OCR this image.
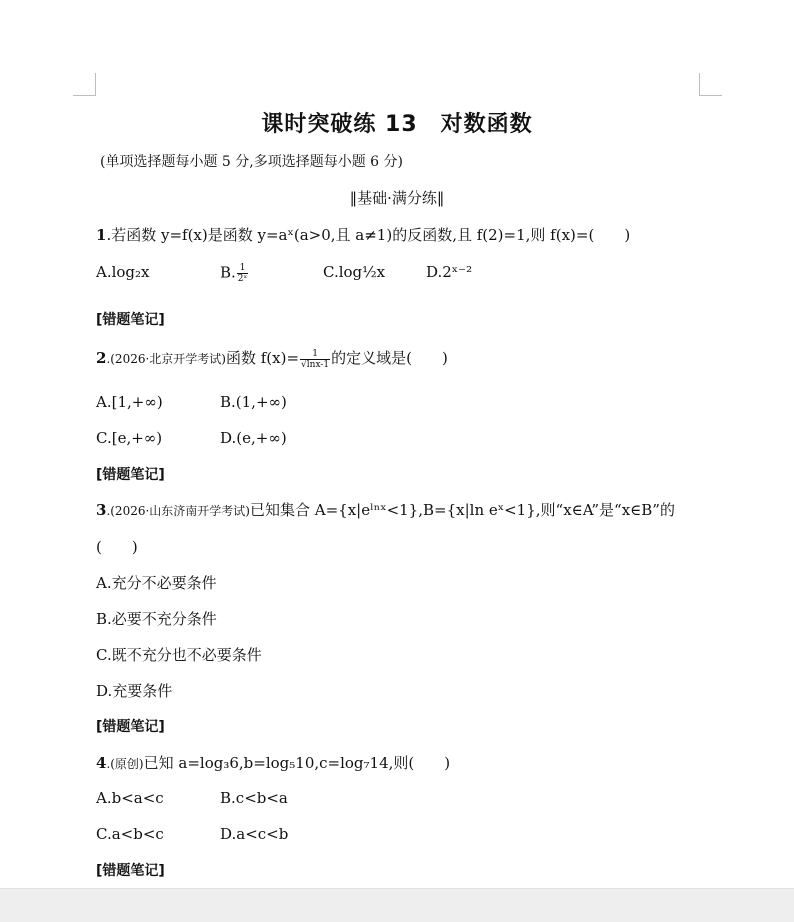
课时突破练 13　对数函数
(单项选择题每小题 5 分,多项选择题每小题 6 分)
‖基础·满分练‖
1.若函数 y=f(x)是函数 y=aˣ(a>0,且 a≠1)的反函数,且 f(2)=1,则 f(x)=(　　)
A.log₂x	B. $\frac{1}{\text{2ˣ}}$	C.log½x	D.2ˣ⁻²
[错题笔记]
2.(2026·北京开学考试)函数 $f(x)= \frac{1}{√\ln x-1}$ 的定义域是(　　)
A.[1,+∞)	B.(1,+∞)
C.[e,+∞)	D.(e,+∞)
[错题笔记]
3.(2026·山东济南开学考试)已知集合 A={x|eˡⁿˣ<1},B={x|ln eˣ<1},则“x∈A”是“x∈B”的
(　　)
A.充分不必要条件
B.必要不充分条件
C.既不充分也不必要条件
D.充要条件
[错题笔记]
4.(原创)已知 a=log₃6,b=log₅10,c=log₇14,则(　　)
A.b<a<c	B.c<b<a
C.a<b<c	D.a<c<b
[错题笔记]
